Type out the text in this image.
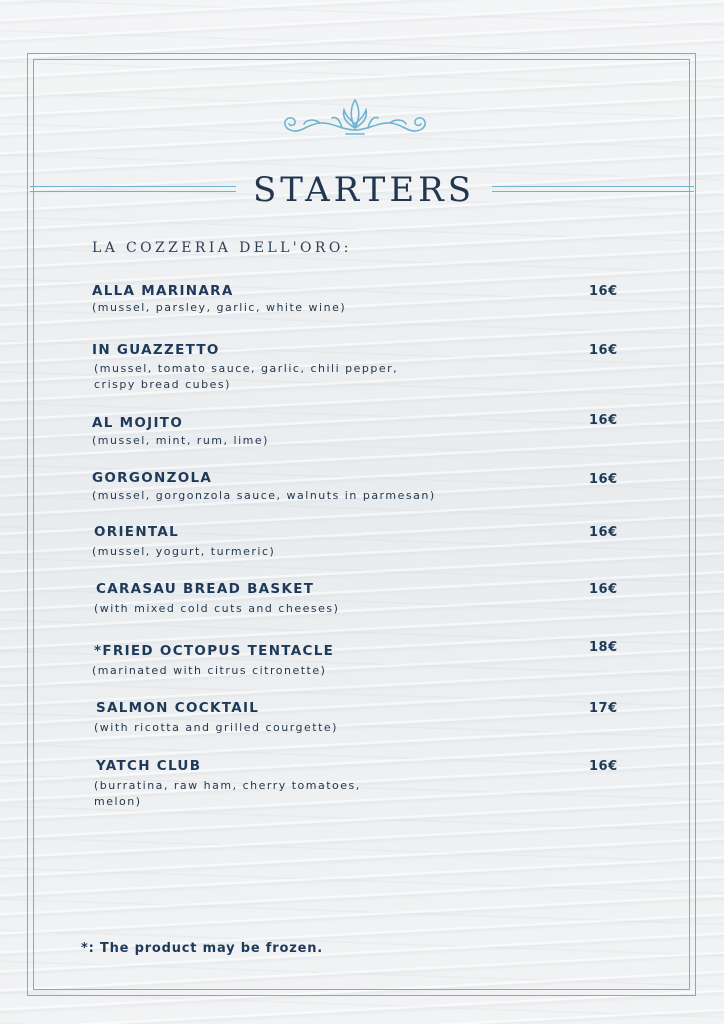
STARTERS

LA COZZERIA DELL'ORO:

ALLA MARINARA
(mussel, parsley, garlic, white wine)
16€
IN GUAZZETTO
(mussel, tomato sauce, garlic, chili pepper, crispy bread cubes)
16€
AL MOJITO
(mussel, mint, rum, lime)
16€
GORGONZOLA
(mussel, gorgonzola sauce, walnuts in parmesan)
16€
ORIENTAL
(mussel, yogurt, turmeric)
16€
CARASAU BREAD BASKET
(with mixed cold cuts and cheeses)
16€
*FRIED OCTOPUS TENTACLE
(marinated with citrus citronette)
18€
SALMON COCKTAIL
(with ricotta and grilled courgette)
17€
YATCH CLUB
(burratina, raw ham, cherry tomatoes, melon)
16€

*: The product may be frozen.
